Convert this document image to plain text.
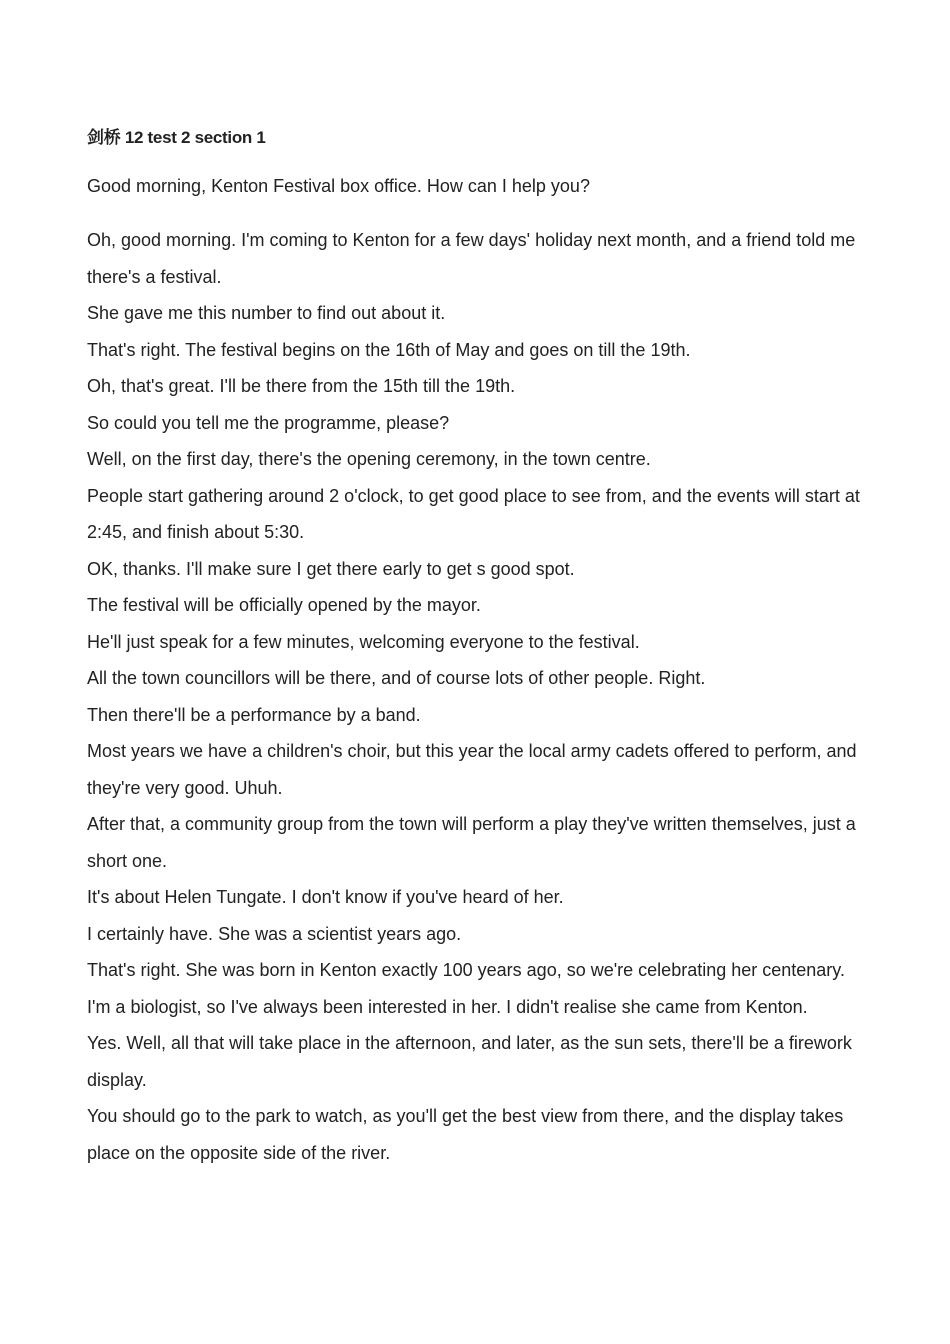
剑桥 12 test 2 section 1
Good morning, Kenton Festival box office. How can I help you?

Oh, good morning. I'm coming to Kenton for a few days' holiday next month, and a friend told me there's a festival.

She gave me this number to find out about it.

That's right. The festival begins on the 16th of May and goes on till the 19th.

Oh, that's great. I'll be there from the 15th till the 19th.

So could you tell me the programme, please?

Well, on the first day, there's the opening ceremony, in the town centre.

People start gathering around 2 o'clock, to get good place to see from, and the events will start at 2:45, and finish about 5:30.

OK, thanks. I'll make sure I get there early to get s good spot.

The festival will be officially opened by the mayor.

He'll just speak for a few minutes, welcoming everyone to the festival.

All the town councillors will be there, and of course lots of other people. Right.

Then there'll be a performance by a band.

Most years we have a children's choir, but this year the local army cadets offered to perform, and they're very good. Uhuh.

After that, a community group from the town will perform a play they've written themselves, just a short one.

It's about Helen Tungate. I don't know if you've heard of her.

I certainly have. She was a scientist years ago.

That's right. She was born in Kenton exactly 100 years ago, so we're celebrating her centenary.

I'm a biologist, so I've always been interested in her. I didn't realise she came from Kenton.

Yes. Well, all that will take place in the afternoon, and later, as the sun sets, there'll be a firework display.

You should go to the park to watch, as you'll get the best view from there, and the display takes place on the opposite side of the river.
